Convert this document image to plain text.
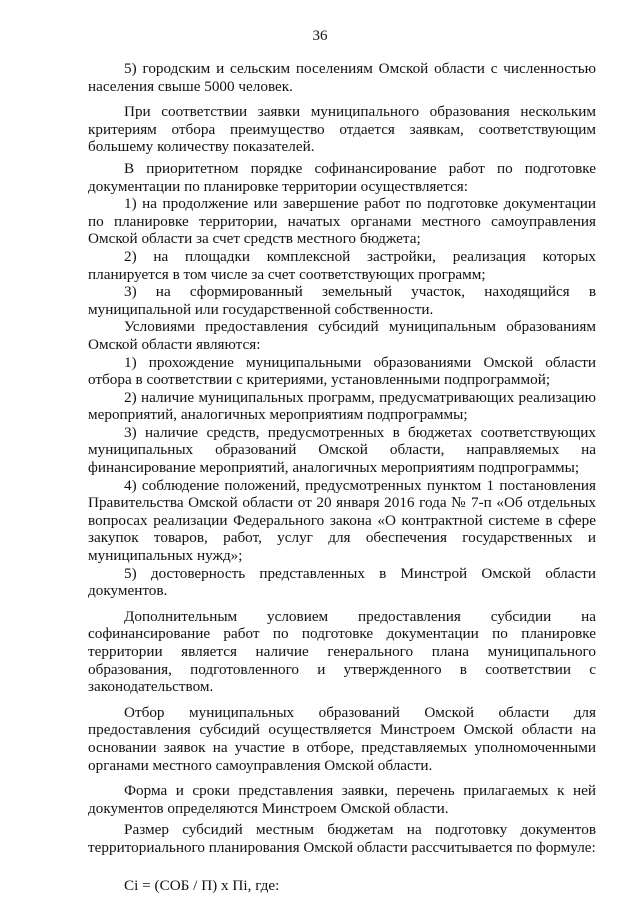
36

5) городским и сельским поселениям Омской области с численностью населения свыше 5000 человек.

При соответствии заявки муниципального образования нескольким критериям отбора преимущество отдается заявкам, соответствующим большему количеству показателей.

В приоритетном порядке софинансирование работ по подготовке документации по планировке территории осуществляется:

1) на продолжение или завершение работ по подготовке документации по планировке территории, начатых органами местного самоуправления Омской области за счет средств местного бюджета;

2) на площадки комплексной застройки, реализация которых планируется в том числе за счет соответствующих программ;

3) на сформированный земельный участок, находящийся в муниципальной или государственной собственности.

Условиями предоставления субсидий муниципальным образованиям Омской области являются:

1) прохождение муниципальными образованиями Омской области отбора в соответствии с критериями, установленными подпрограммой;

2) наличие муниципальных программ, предусматривающих реализацию мероприятий, аналогичных мероприятиям подпрограммы;

3) наличие средств, предусмотренных в бюджетах соответствующих муниципальных образований Омской области, направляемых на финансирование мероприятий, аналогичных мероприятиям подпрограммы;

4) соблюдение положений, предусмотренных пунктом 1 постановления Правительства Омской области от 20 января 2016 года № 7-п «Об отдельных вопросах реализации Федерального закона «О контрактной системе в сфере закупок товаров, работ, услуг для обеспечения государственных и муниципальных нужд»;

5) достоверность представленных в Минстрой Омской области документов.

Дополнительным условием предоставления субсидии на софинансирование работ по подготовке документации по планировке территории является наличие генерального плана муниципального образования, подготовленного и утвержденного в соответствии с законодательством.

Отбор муниципальных образований Омской области для предоставления субсидий осуществляется Минстроем Омской области на основании заявок на участие в отборе, представляемых уполномоченными органами местного самоуправления Омской области.

Форма и сроки представления заявки, перечень прилагаемых к ней документов определяются Минстроем Омской области.

Размер субсидий местным бюджетам на подготовку документов территориального планирования Омской области рассчитывается по формуле:

Сi = (СОБ / П) х Пi, где:
